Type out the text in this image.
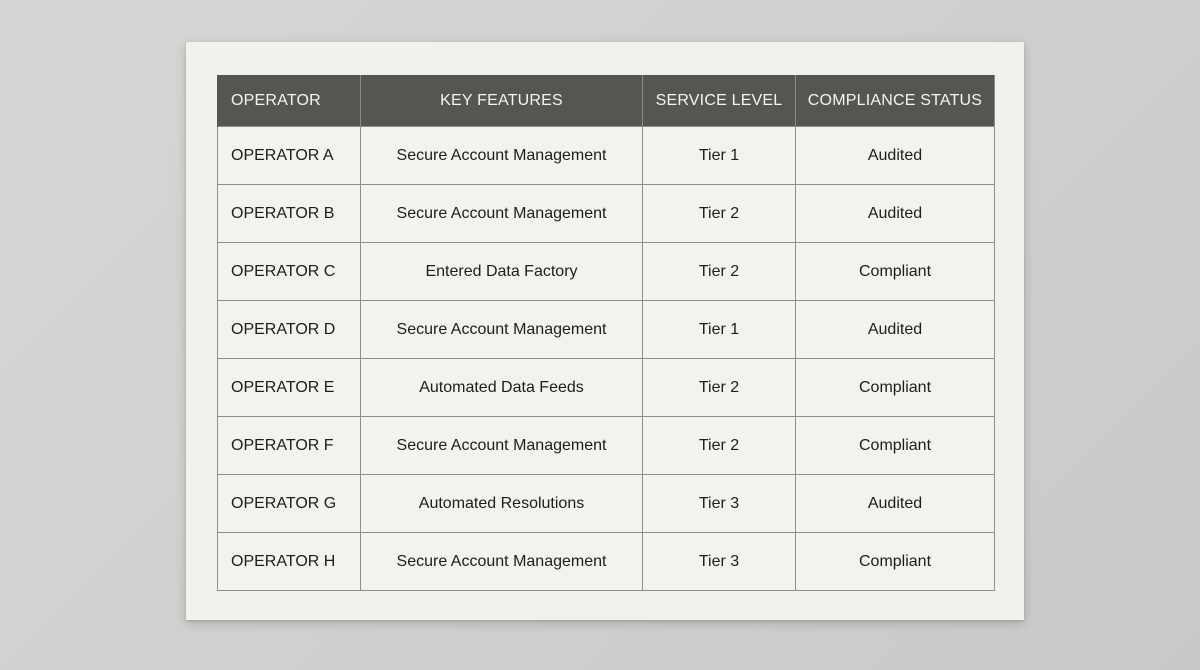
OPERATOR	KEY FEATURES	SERVICE LEVEL	COMPLIANCE STATUS
OPERATOR A	Secure Account Management	Tier 1	Audited
OPERATOR B	Secure Account Management	Tier 2	Audited
OPERATOR C	Entered Data Factory	Tier 2	Compliant
OPERATOR D	Secure Account Management	Tier 1	Audited
OPERATOR E	Automated Data Feeds	Tier 2	Compliant
OPERATOR F	Secure Account Management	Tier 2	Compliant
OPERATOR G	Automated Resolutions	Tier 3	Audited
OPERATOR H	Secure Account Management	Tier 3	Compliant
